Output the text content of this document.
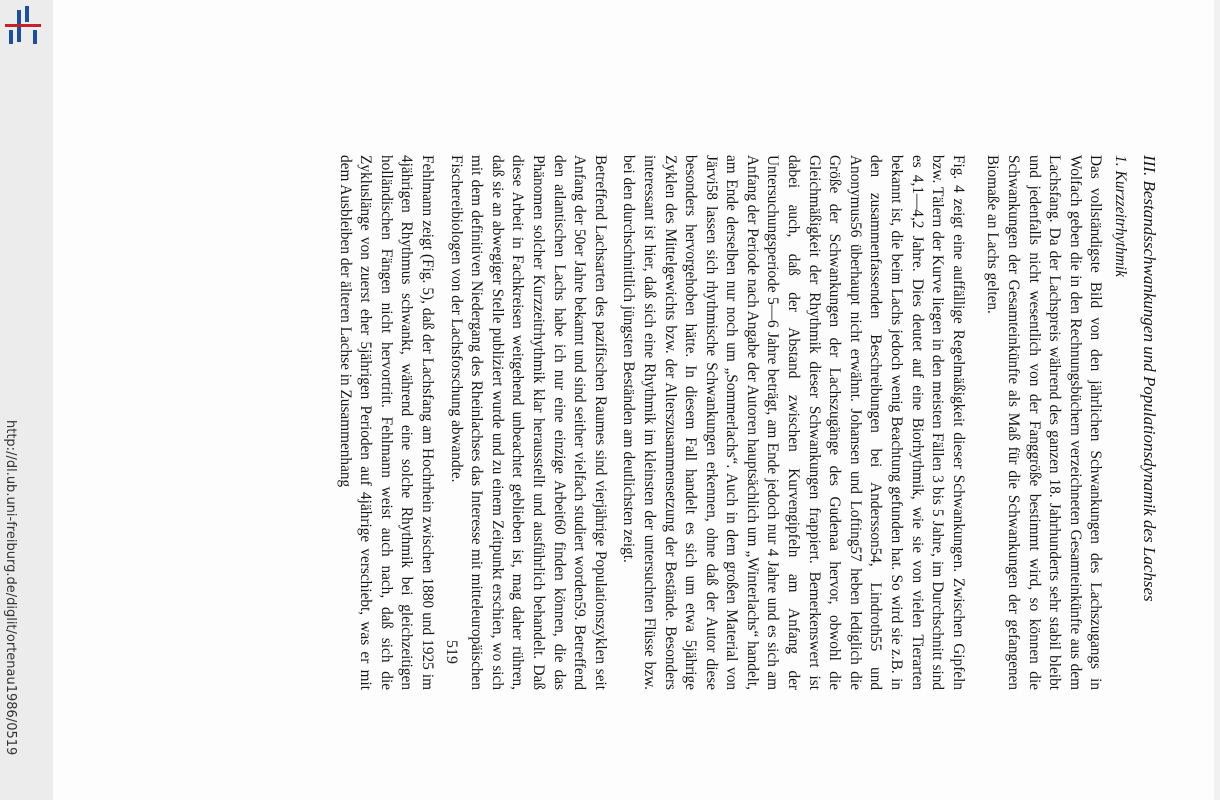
http://dl.ub.uni-freiburg.de/diglit/ortenau1986/0519	III. Bestandsschwankungen und Populationsdynamik des Lachses
1. Kurzzeitrhythmik

Das vollständigste Bild von den jährlichen Schwankungen des Lachszugangs in Wolfach geben die in den Rechnungsbüchern verzeichneten Gesamteinkünfte aus dem Lachsfang. Da der Lachspreis während des ganzen 18. Jahrhunderts sehr stabil bleibt und jedenfalls nicht wesentlich von der Fanggröße bestimmt wird, so können die Schwankungen der Gesamteinkünfte als Maß für die Schwankungen der gefangenen Biomaße an Lachs gelten.

Fig. 4 zeigt eine auffällige Regelmäßigkeit dieser Schwankungen. Zwischen Gipfeln bzw. Tälern der Kurve liegen in den meisten Fällen 3 bis 5 Jahre, im Durchschnitt sind es 4,1—4,2 Jahre. Dies deutet auf eine Biorhythmik, wie sie von vielen Tierarten bekannt ist, die beim Lachs jedoch wenig Beachtung gefunden hat. So wird sie z.B. in den zusammenfassenden Beschreibungen bei Andersson54, Lindroth55 und Anonymus56 überhaupt nicht erwähnt. Johansen und Lofting57 heben lediglich die Größe der Schwankungen der Lachszugänge des Gudenaa hervor, obwohl die Gleichmäßigkeit der Rhythmik dieser Schwankungen frappiert. Bemerkenswert ist dabei auch, daß der Abstand zwischen Kurvengipfeln am Anfang der Untersuchungsperiode 5—6 Jahre beträgt, am Ende jedoch nur 4 Jahre und es sich am Anfang der Periode nach Angabe der Autoren hauptsächlich um „Winterlachs“ handelt, am Ende derselben nur noch um „Sommerlachs“. Auch in dem großen Material von Järvi58 lassen sich rhythmische Schwankungen erkennen, ohne daß der Autor diese besonders hervorgehoben hätte. In diesem Fall handelt es sich um etwa 5jährige Zyklen des Mittelgewichts bzw. der Alterszusammensetzung der Bestände. Besonders interessant ist hier, daß sich eine Rhythmik im kleinsten der untersuchten Flüsse bzw. bei den durchschnittlich jüngsten Beständen am deutlichsten zeigt.

Betreffend Lachsarten des pazifischen Raumes sind vierjährige Populationszyklen seit Anfang der 50er Jahre bekannt und sind seither vielfach studiert worden59. Betreffend den atlantischen Lachs habe ich nur eine einzige Arbeit60 finden können, die das Phänomen solcher Kurzzeitrhythmik klar herausstellt und ausführlich behandelt. Daß diese Arbeit in Fachkreisen weitgehend unbeachtet geblieben ist, mag daher rühren, daß sie an abwegiger Stelle publiziert wurde und zu einem Zeitpunkt erschien, wo sich mit dem definitiven Niedergang des Rheinlachses das Interesse mit mitteleuropäischen Fischereibiologen von der Lachsforschung abwandte.

Fehlmann zeigt (Fig. 5), daß der Lachsfang am Hochrhein zwischen 1880 und 1925 im 4jährigen Rhythmus schwankt, während eine solche Rhythmik bei gleichzeitigen holländischen Fängen nicht hervortritt. Fehlmann weist auch nach, daß sich die Zykluslänge von zuerst eher 5jährigen Perioden auf 4jährige verschiebt, was er mit dem Ausbleiben der älteren Lachse in Zusammenhang

519
